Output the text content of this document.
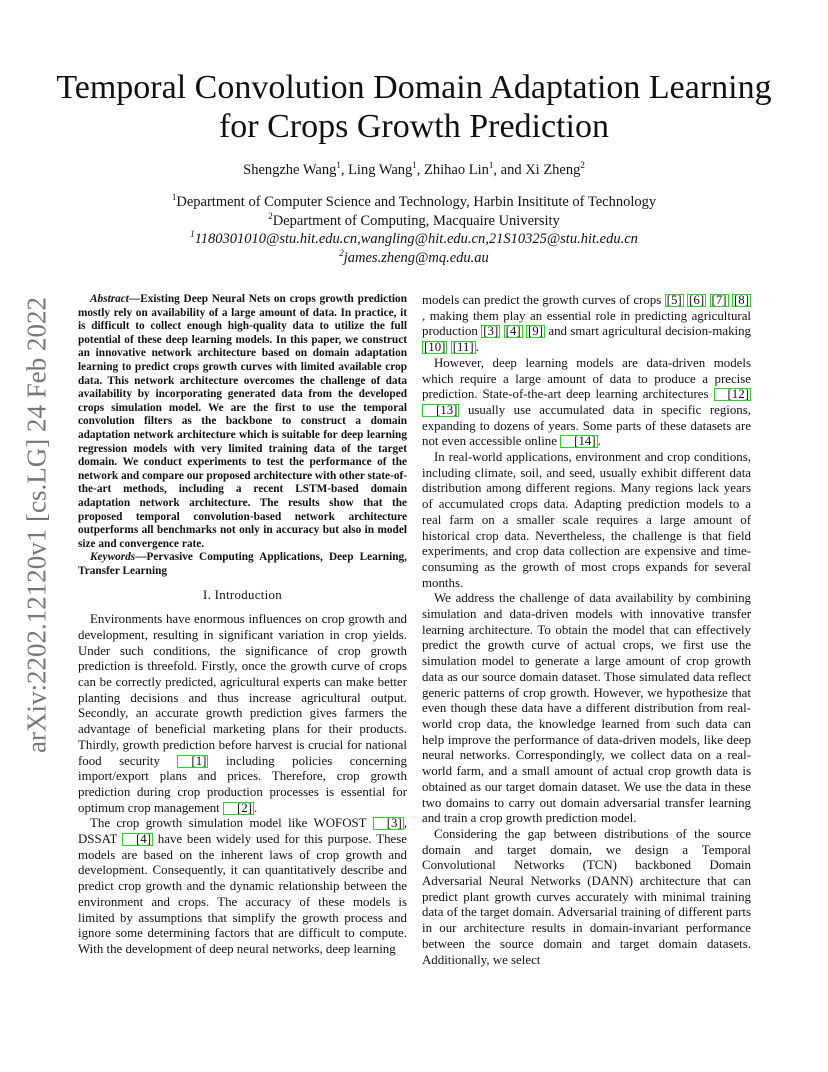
arXiv:2202.12120v1 [cs.LG] 24 Feb 2022
Temporal Convolution Domain Adaptation Learning
for Crops Growth Prediction
Shengzhe Wang$^1$, Ling Wang$^1$, Zhihao Lin$^1$, and Xi Zheng$^2$
$^1$Department of Computer Science and Technology, Harbin Insititute of Technology
$^2$Department of Computing, Macquaire University
$^1$1180301010@stu.hit.edu.cn,wangling@hit.edu.cn,21S10325@stu.hit.edu.cn
$^2$james.zheng@mq.edu.au

Abstract—Existing Deep Neural Nets on crops growth prediction mostly rely on availability of a large amount of data. In practice, it is difficult to collect enough high-quality data to utilize the full potential of these deep learning models. In this paper, we construct an innovative network architecture based on domain adaptation learning to predict crops growth curves with limited available crop data. This network architecture overcomes the challenge of data availability by incorporating generated data from the developed crops simulation model. We are the first to use the temporal convolution filters as the backbone to construct a domain adaptation network architecture which is suitable for deep learning regression models with very limited training data of the target domain. We conduct experiments to test the performance of the network and compare our proposed architecture with other state-of-the-art methods, including a recent LSTM-based domain adaptation network architecture. The results show that the proposed temporal convolution-based network architecture outperforms all benchmarks not only in accuracy but also in model size and convergence rate.

Keywords—Pervasive Computing Applications, Deep Learning, Transfer Learning

I. Introduction

Environments have enormous influences on crop growth and development, resulting in significant variation in crop yields. Under such conditions, the significance of crop growth prediction is threefold. Firstly, once the growth curve of crops can be correctly predicted, agricultural experts can make better planting decisions and thus increase agricultural output. Secondly, an accurate growth prediction gives farmers the advantage of beneficial marketing plans for their products. Thirdly, growth prediction before harvest is crucial for national food security [1] including policies concerning import/export plans and prices. Therefore, crop growth prediction during crop production processes is essential for optimum crop management [2] .

The crop growth simulation model like WOFOST [3] , DSSAT [4] have been widely used for this purpose. These models are based on the inherent laws of crop growth and development. Consequently, it can quantitatively describe and predict crop growth and the dynamic relationship between the environment and crops. The accuracy of these models is limited by assumptions that simplify the growth process and ignore some determining factors that are difficult to compute. With the development of deep neural networks, deep learning

models can predict the growth curves of crops [5] [6] [7] [8], making them play an essential role in predicting agricultural production [3] [4] [9] and smart agricultural decision-making [10] [11] .

However, deep learning models are data-driven models which require a large amount of data to produce a precise prediction. State-of-the-art deep learning architectures [12] [13] usually use accumulated data in specific regions, expanding to dozens of years. Some parts of these datasets are not even accessible online [14] .

In real-world applications, environment and crop conditions, including climate, soil, and seed, usually exhibit different data distribution among different regions. Many regions lack years of accumulated crops data. Adapting prediction models to a real farm on a smaller scale requires a large amount of historical crop data. Nevertheless, the challenge is that field experiments, and crop data collection are expensive and time-consuming as the growth of most crops expands for several months.

We address the challenge of data availability by combining simulation and data-driven models with innovative transfer learning architecture. To obtain the model that can effectively predict the growth curve of actual crops, we first use the simulation model to generate a large amount of crop growth data as our source domain dataset. Those simulated data reflect generic patterns of crop growth. However, we hypothesize that even though these data have a different distribution from real-world crop data, the knowledge learned from such data can help improve the performance of data-driven models, like deep neural networks. Correspondingly, we collect data on a real-world farm, and a small amount of actual crop growth data is obtained as our target domain dataset. We use the data in these two domains to carry out domain adversarial transfer learning and train a crop growth prediction model.

Considering the gap between distributions of the source domain and target domain, we design a Temporal Convolutional Networks (TCN) backboned Domain Adversarial Neural Networks (DANN) architecture that can predict plant growth curves accurately with minimal training data of the target domain. Adversarial training of different parts in our architecture results in domain-invariant performance between the source domain and target domain datasets. Additionally, we select
